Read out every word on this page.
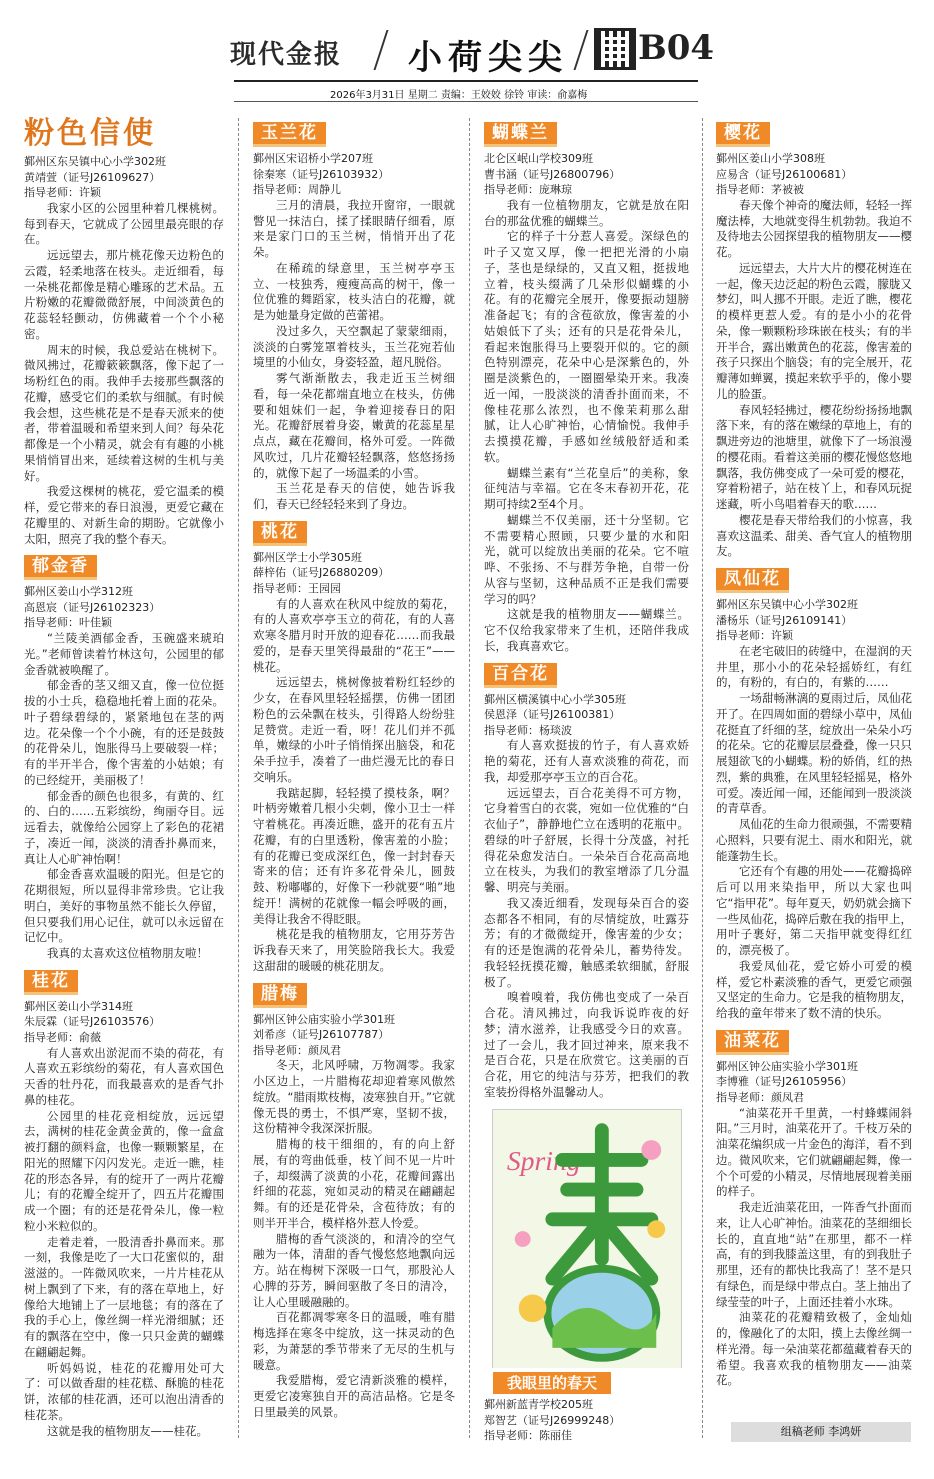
现代金报 小荷尖尖 B04
2026年3月31日 星期二 责编：王姣姣 徐铃 审读：俞嘉梅
粉色信使
鄞州区东吴镇中心小学302班
黄靖萱（证号J26109627）
指导老师：许颖

我家小区的公园里种着几棵桃树。每到春天，它就成了公园里最亮眼的存在。

远远望去，那片桃花像天边粉色的云霞，轻柔地落在枝头。走近细看，每一朵桃花都像是精心雕琢的艺术品。五片粉嫩的花瓣微微舒展，中间淡黄色的花蕊轻轻颤动，仿佛藏着一个个小秘密。

周末的时候，我总爱站在桃树下。微风拂过，花瓣簌簌飘落，像下起了一场粉红色的雨。我伸手去接那些飘落的花瓣，感受它们的柔软与细腻。有时候我会想，这些桃花是不是春天派来的使者，带着温暖和希望来到人间？每朵花都像是一个小精灵，就会有有趣的小桃果悄悄冒出来，延续着这树的生机与美好。

我爱这棵树的桃花，爱它温柔的模样，爱它带来的春日浪漫，更爱它藏在花瓣里的、对新生命的期盼。它就像小太阳，照亮了我的整个春天。

郁金香
鄞州区姜山小学312班
高恩宸（证号J26102323）
指导老师：叶佳颖

“兰陵美酒郁金香，玉碗盛来琥珀光。”老师曾读着竹林这句，公园里的郁金香就被唤醒了。

郁金香的茎又细又直，像一位位挺拔的小士兵，稳稳地托着上面的花朵。叶子碧绿碧绿的，紧紧地包在茎的两边。花朵像一个个小碗，有的还是鼓鼓的花骨朵儿，饱胀得马上要破裂一样；有的半开半合，像个害羞的小姑娘；有的已经绽开，美丽极了！

郁金香的颜色也很多，有黄的、红的、白的……五彩缤纷，绚丽夺目。远远看去，就像给公园穿上了彩色的花裙子，凑近一闻，淡淡的清香扑鼻而来，真让人心旷神怡啊！

郁金香喜欢温暖的阳光。但是它的花期很短，所以显得非常珍贵。它让我明白，美好的事物虽然不能长久停留，但只要我们用心记住，就可以永远留在记忆中。

我真的太喜欢这位植物朋友啦！

桂花
鄞州区姜山小学314班
朱辰霖（证号J26103576）
指导老师：俞薇

有人喜欢出淤泥而不染的荷花，有人喜欢五彩缤纷的菊花，有人喜欢国色天香的牡丹花，而我最喜欢的是香气扑鼻的桂花。

公园里的桂花竞相绽放，远远望去，满树的桂花金黄金黄的，像一盒盒被打翻的颜料盒，也像一颗颗繁星，在阳光的照耀下闪闪发光。走近一瞧，桂花的形态各异，有的绽开了一两片花瓣儿；有的花瓣全绽开了，四五片花瓣围成一个圈；有的还是花骨朵儿，像一粒粒小米粒似的。

走着走着，一股清香扑鼻而来。那一刻，我像是吃了一大口花蜜似的，甜滋滋的。一阵微风吹来，一片片桂花从树上飘到了下来，有的落在草地上，好像给大地铺上了一层地毯；有的落在了我的手心上，像丝绸一样光滑细腻；还有的飘落在空中，像一只只金黄的蝴蝶在翩翩起舞。

听妈妈说，桂花的花瓣用处可大了：可以做香甜的桂花糕、酥脆的桂花饼，浓郁的桂花酒，还可以泡出清香的桂花茶。

这就是我的植物朋友——桂花。

玉兰花
鄞州区宋诏桥小学207班
徐秦寒（证号J26103932）
指导老师：周静儿

三月的清晨，我拉开窗帘，一眼就瞥见一抹洁白，揉了揉眼睛仔细看，原来是家门口的玉兰树，悄悄开出了花朵。

在稀疏的绿意里，玉兰树亭亭玉立、一枝独秀，瘦瘦高高的树干，像一位优雅的舞蹈家，枝头洁白的花瓣，就是为她量身定做的芭蕾裙。

没过多久，天空飘起了蒙蒙细雨，淡淡的白雾笼罩着枝头，玉兰花宛若仙境里的小仙女，身姿轻盈，超凡脱俗。

雾气渐渐散去，我走近玉兰树细看，每一朵花都端直地立在枝头，仿佛要和姐妹们一起，争着迎接春日的阳光。花瓣舒展着身姿，嫩黄的花蕊星星点点，藏在花瓣间，格外可爱。一阵微风吹过，几片花瓣轻轻飘落，悠悠扬扬的，就像下起了一场温柔的小雪。

玉兰花是春天的信使，她告诉我们，春天已经轻轻来到了身边。

桃花
鄞州区学士小学305班
薛梓佑（证号J26880209）
指导老师：王园园

有的人喜欢在秋风中绽放的菊花，有的人喜欢亭亭玉立的荷花，有的人喜欢寒冬腊月时开放的迎春花……而我最爱的，是春天里笑得最甜的“花王”——桃花。

远远望去，桃树像披着粉红轻纱的少女，在春风里轻轻摇摆，仿佛一团团粉色的云朵飘在枝头，引得路人纷纷驻足赞赏。走近一看，呀！花儿们并不孤单，嫩绿的小叶子悄悄探出脑袋，和花朵手拉手，凑着了一曲烂漫无比的春日交响乐。

我踮起脚，轻轻摸了摸枝条，啊？叶柄旁嫩着几根小尖刺，像小卫士一样守着桃花。再凑近瞧，盛开的花有五片花瓣，有的白里透粉，像害羞的小脸；有的花瓣已变成深红色，像一封封春天寄来的信；还有许多花骨朵儿，圆鼓鼓、粉嘟嘟的，好像下一秒就要“啪”地绽开！满树的花就像一幅会呼吸的画，美得让我舍不得眨眼。

桃花是我的植物朋友，它用芬芳告诉我春天来了，用笑脸陪我长大。我爱这甜甜的暖暖的桃花朋友。

腊梅
鄞州区钟公庙实验小学301班
刘希彦（证号J26107787）
指导老师：颜凤君

冬天，北风呼啸，万物凋零。我家小区边上，一片腊梅花却迎着寒风傲然绽放。“腊雨欺枝梅，凌寒独自开。”它就像无畏的勇士，不惧严寒，坚韧不拔，这份精神令我深深折服。

腊梅的枝干细细的，有的向上舒展，有的弯曲低垂，枝丫间不见一片叶子，却缀满了淡黄的小花，花瓣间露出纤细的花蕊，宛如灵动的精灵在翩翩起舞。有的还是花骨朵，含苞待放；有的则半开半合，模样格外惹人怜爱。

腊梅的香气淡淡的，和清冷的空气融为一体，清甜的香气慢悠悠地飘向远方。站在梅树下深吸一口气，那股沁人心脾的芬芳，瞬间驱散了冬日的清冷，让人心里暖融融的。

百花都凋零寒冬日的温暖，唯有腊梅选择在寒冬中绽放，这一抹灵动的色彩，为萧瑟的季节带来了无尽的生机与暖意。

我爱腊梅，爱它清新淡雅的模样，更爱它凌寒独自开的高洁品格。它是冬日里最美的风景。

蝴蝶兰
北仑区岷山学校309班
曹书涵（证号J26800796）
指导老师：庞琳琼

我有一位植物朋友，它就是放在阳台的那盆优雅的蝴蝶兰。

它的样子十分惹人喜爱。深绿色的叶子又宽又厚，像一把把光滑的小扇子，茎也是绿绿的，又直又粗，挺拔地立着，枝头缀满了几朵形似蝴蝶的小花。有的花瓣完全展开，像要振动翅膀准备起飞；有的含苞欲放，像害羞的小姑娘低下了头；还有的只是花骨朵儿，看起来饱胀得马上要裂开似的。它的颜色特别漂亮，花朵中心是深紫色的，外圈是淡紫色的，一圈圈晕染开来。我凑近一闻，一股淡淡的清香扑面而来，不像桂花那么浓烈，也不像茉莉那么甜腻，让人心旷神怡，心情愉悦。我伸手去摸摸花瓣，手感如丝绒般舒适和柔软。

蝴蝶兰素有“兰花皇后”的美称，象征纯洁与幸福。它在冬末春初开花，花期可持续2至4个月。

蝴蝶兰不仅美丽，还十分坚韧。它不需要精心照顾，只要少量的水和阳光，就可以绽放出美丽的花朵。它不喧哗、不张扬、不与群芳争艳，自带一份从容与坚韧，这种品质不正是我们需要学习的吗？

这就是我的植物朋友——蝴蝶兰。它不仅给我家带来了生机，还陪伴我成长，我真喜欢它。

百合花
鄞州区横溪镇中心小学305班
侯恩泽（证号J26100381）
指导老师：杨琰波

有人喜欢挺拔的竹子，有人喜欢娇艳的菊花，还有人喜欢淡雅的荷花，而我，却爱那亭亭玉立的百合花。

远远望去，百合花美得不可方物，它身着雪白的衣裳，宛如一位优雅的“白衣仙子”，静静地伫立在透明的花瓶中。碧绿的叶子舒展，长得十分茂盛，衬托得花朵愈发洁白。一朵朵百合花高高地立在枝头，为我们的教室增添了几分温馨、明亮与美丽。

我又凑近细看，发现每朵百合的姿态都各不相同，有的尽情绽放，吐露芬芳；有的才微微绽开，像害羞的少女；有的还是饱满的花骨朵儿，蓄势待发。我轻轻抚摸花瓣，触感柔软细腻，舒服极了。

嗅着嗅着，我仿佛也变成了一朵百合花。清风拂过，向我诉说昨夜的好梦；清水滋养，让我感受今日的欢喜。过了一会儿，我才回过神来，原来我不是百合花，只是在欣赏它。这美丽的百合花，用它的纯洁与芬芳，把我们的教室装扮得格外温馨动人。

Spring
樱花
鄞州区姜山小学308班
应易含（证号J26100681）
指导老师：茅被被

春天像个神奇的魔法师，轻轻一挥魔法棒，大地就变得生机勃勃。我迫不及待地去公园探望我的植物朋友——樱花。

远远望去，大片大片的樱花树连在一起，像天边泛起的粉色云霞，朦胧又梦幻，叫人挪不开眼。走近了瞧，樱花的模样更惹人爱。有的是小小的花骨朵，像一颗颗粉珍珠嵌在枝头；有的半开半合，露出嫩黄色的花蕊，像害羞的孩子只探出个脑袋；有的完全展开，花瓣薄如蝉翼，摸起来软乎乎的，像小婴儿的脸蛋。

春风轻轻拂过，樱花纷纷扬扬地飘落下来，有的落在嫩绿的草地上，有的飘进旁边的池塘里，就像下了一场浪漫的樱花雨。看着这美丽的樱花慢悠悠地飘落，我仿佛变成了一朵可爱的樱花，穿着粉裙子，站在枝丫上，和春风玩捉迷藏，听小鸟唱着春天的歌……

樱花是春天带给我们的小惊喜，我喜欢这温柔、甜美、香气宜人的植物朋友。

凤仙花
鄞州区东吴镇中心小学302班
潘杨乐（证号J26109141）
指导老师：许颖

在老宅破旧的砖缝中，在湿润的天井里，那小小的花朵轻摇娇红，有红的，有粉的，有白的，有紫的……

一场甜畅淋漓的夏雨过后，凤仙花开了。在四周如面的碧绿小草中，凤仙花挺直了纤细的茎，绽放出一朵朵小巧的花朵。它的花瓣层层叠叠，像一只只展翅欲飞的小蝴蝶。粉的娇俏，红的热烈，紫的典雅，在风里轻轻摇晃，格外可爱。凑近闻一闻，还能闻到一股淡淡的青草香。

凤仙花的生命力很顽强，不需要精心照料，只要有泥土、雨水和阳光，就能蓬勃生长。

它还有个有趣的用处——花瓣捣碎后可以用来染指甲，所以大家也叫它“指甲花”。每年夏天，奶奶就会摘下一些凤仙花，捣碎后敷在我的指甲上，用叶子裹好，第二天指甲就变得红红的，漂亮极了。

我爱凤仙花，爱它娇小可爱的模样，爱它朴素淡雅的香气，更爱它顽强又坚定的生命力。它是我的植物朋友，给我的童年带来了数不清的快乐。

油菜花
鄞州区钟公庙实验小学301班
李博雅（证号J26105956）
指导老师：颜凤君

“油菜花开千里黄，一村蜂蝶闹斜阳。”三月时，油菜花开了。千枝万朵的油菜花编织成一片金色的海洋，看不到边。微风吹来，它们就翩翩起舞，像一个个可爱的小精灵，尽情地展现着美丽的样子。

我走近油菜花田，一阵香气扑面而来，让人心旷神怡。油菜花的茎细细长长的，直直地“站”在那里，都不一样高，有的到我膝盖这里，有的到我肚子那里，还有的都快比我高了！茎不是只有绿色，而是绿中带点白。茎上抽出了绿莹莹的叶子，上面还挂着小水珠。

油菜花的花瓣精致极了，金灿灿的，像融化了的太阳，摸上去像丝绸一样光滑。每一朵油菜花都蕴藏着春天的希望。我喜欢我的植物朋友——油菜花。

我眼里的春天
鄞州新蓝青学校205班
郑智艺（证号J26999248）
指导老师：陈丽佳	组稿老师 李鸿妍
